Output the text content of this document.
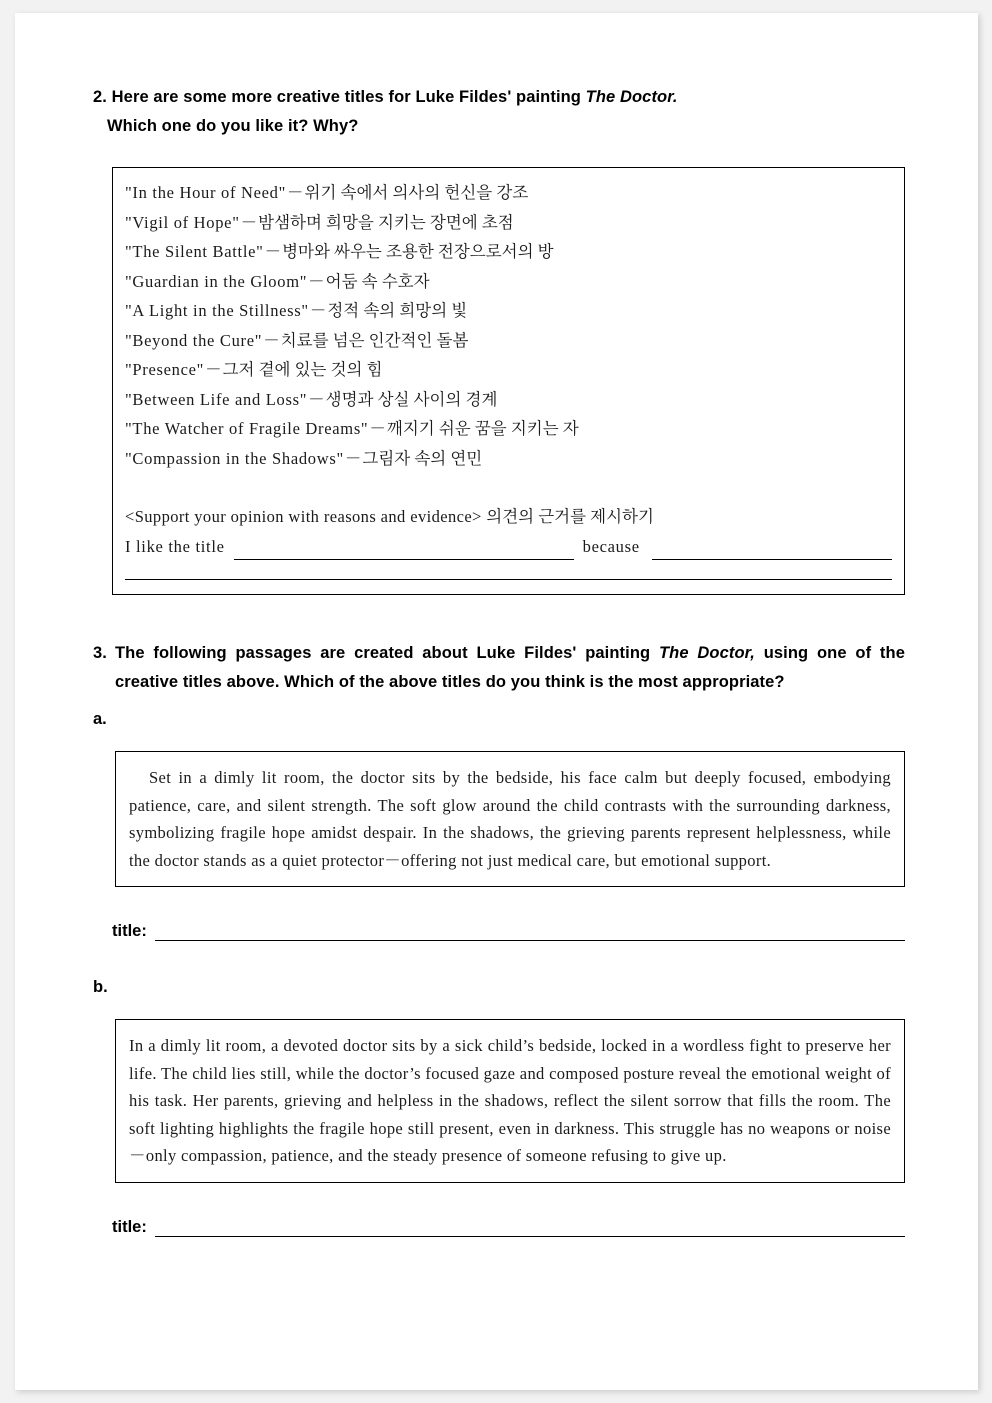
2. Here are some more creative titles for Luke Fildes' painting The Doctor.
Which one do you like it? Why?
"In the Hour of Need"－위기 속에서 의사의 헌신을 강조
"Vigil of Hope"－밤샘하며 희망을 지키는 장면에 초점
"The Silent Battle"－병마와 싸우는 조용한 전장으로서의 방
"Guardian in the Gloom"－어둠 속 수호자
"A Light in the Stillness"－정적 속의 희망의 빛
"Beyond the Cure"－치료를 넘은 인간적인 돌봄
"Presence"－그저 곁에 있는 것의 힘
"Between Life and Loss"－생명과 상실 사이의 경계
"The Watcher of Fragile Dreams"－깨지기 쉬운 꿈을 지키는 자
"Compassion in the Shadows"－그림자 속의 연민
<Support your opinion with reasons and evidence> 의견의 근거를 제시하기
I like the title	because
3. The following passages are created about Luke Fildes' painting The Doctor, using one of the creative titles above. Which of the above titles do you think is the most appropriate?
a.

Set in a dimly lit room, the doctor sits by the bedside, his face calm but deeply focused, embodying patience, care, and silent strength. The soft glow around the child contrasts with the surrounding darkness, symbolizing fragile hope amidst despair. In the shadows, the grieving parents represent helplessness, while the doctor stands as a quiet protector－offering not just medical care, but emotional support.

title:
b.

In a dimly lit room, a devoted doctor sits by a sick child’s bedside, locked in a wordless fight to preserve her life. The child lies still, while the doctor’s focused gaze and composed posture reveal the emotional weight of his task. Her parents, grieving and helpless in the shadows, reflect the silent sorrow that fills the room. The soft lighting highlights the fragile hope still present, even in darkness. This struggle has no weapons or noise－only compassion, patience, and the steady presence of someone refusing to give up.

title:
